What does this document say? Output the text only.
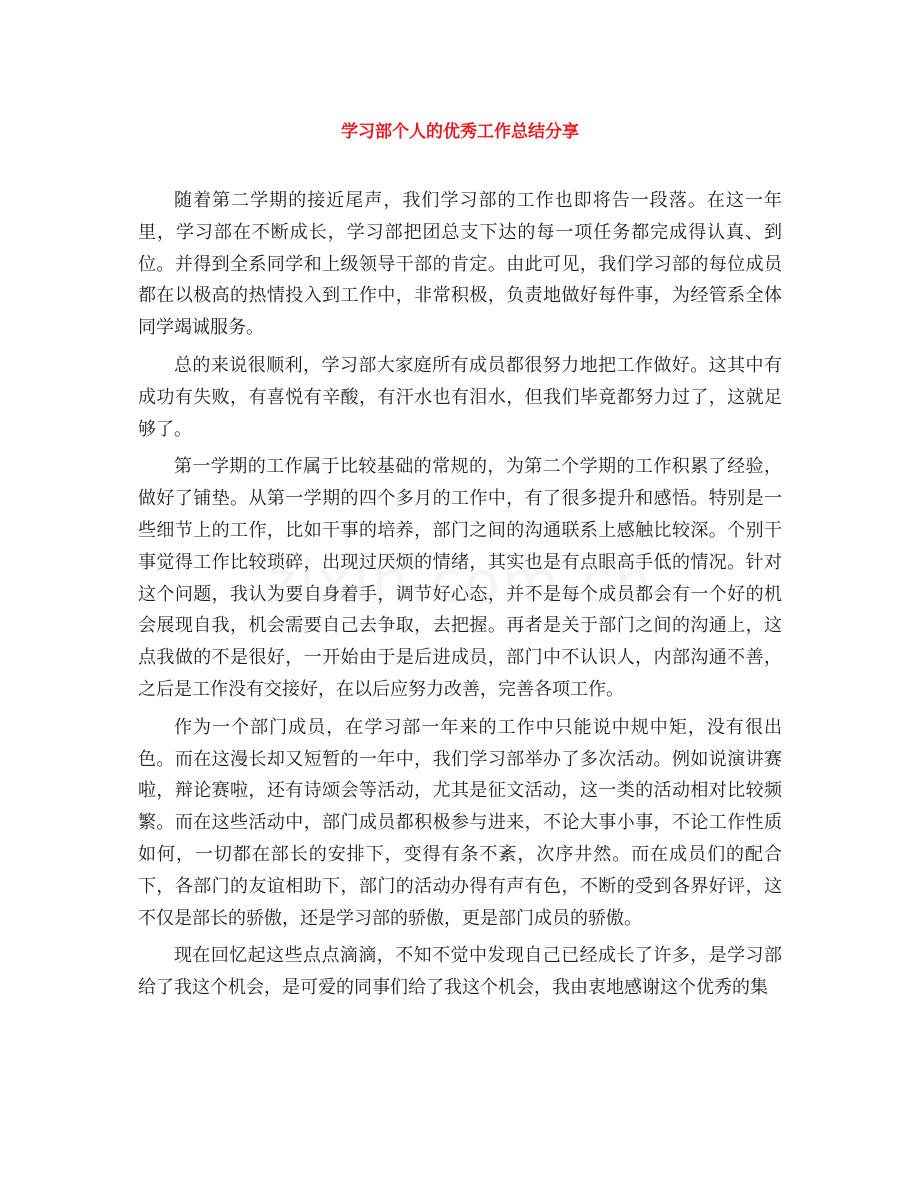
学习部个人的优秀工作总结分享

随着第二学期的接近尾声，我们学习部的工作也即将告一段落。在这一年里，学习部在不断成长，学习部把团总支下达的每一项任务都完成得认真、到位。并得到全系同学和上级领导干部的肯定。由此可见，我们学习部的每位成员都在以极高的热情投入到工作中，非常积极，负责地做好每件事，为经管系全体同学竭诚服务。

总的来说很顺利，学习部大家庭所有成员都很努力地把工作做好。这其中有成功有失败，有喜悦有辛酸，有汗水也有泪水，但我们毕竟都努力过了，这就足够了。

第一学期的工作属于比较基础的常规的，为第二个学期的工作积累了经验，做好了铺垫。从第一学期的四个多月的工作中，有了很多提升和感悟。特别是一些细节上的工作，比如干事的培养，部门之间的沟通联系上感触比较深。个别干事觉得工作比较琐碎，出现过厌烦的情绪，其实也是有点眼高手低的情况。针对这个问题，我认为要自身着手，调节好心态，并不是每个成员都会有一个好的机会展现自我，机会需要自己去争取，去把握。再者是关于部门之间的沟通上，这点我做的不是很好，一开始由于是后进成员，部门中不认识人，内部沟通不善，之后是工作没有交接好，在以后应努力改善，完善各项工作。

作为一个部门成员，在学习部一年来的工作中只能说中规中矩，没有很出色。而在这漫长却又短暂的一年中，我们学习部举办了多次活动。例如说演讲赛啦，辩论赛啦，还有诗颂会等活动，尤其是征文活动，这一类的活动相对比较频繁。而在这些活动中，部门成员都积极参与进来，不论大事小事，不论工作性质如何，一切都在部长的安排下，变得有条不紊，次序井然。而在成员们的配合下，各部门的友谊相助下，部门的活动办得有声有色，不断的受到各界好评，这不仅是部长的骄傲，还是学习部的骄傲，更是部门成员的骄傲。

现在回忆起这些点点滴滴，不知不觉中发现自己已经成长了许多，是学习部给了我这个机会，是可爱的同事们给了我这个机会，我由衷地感谢这个优秀的集
